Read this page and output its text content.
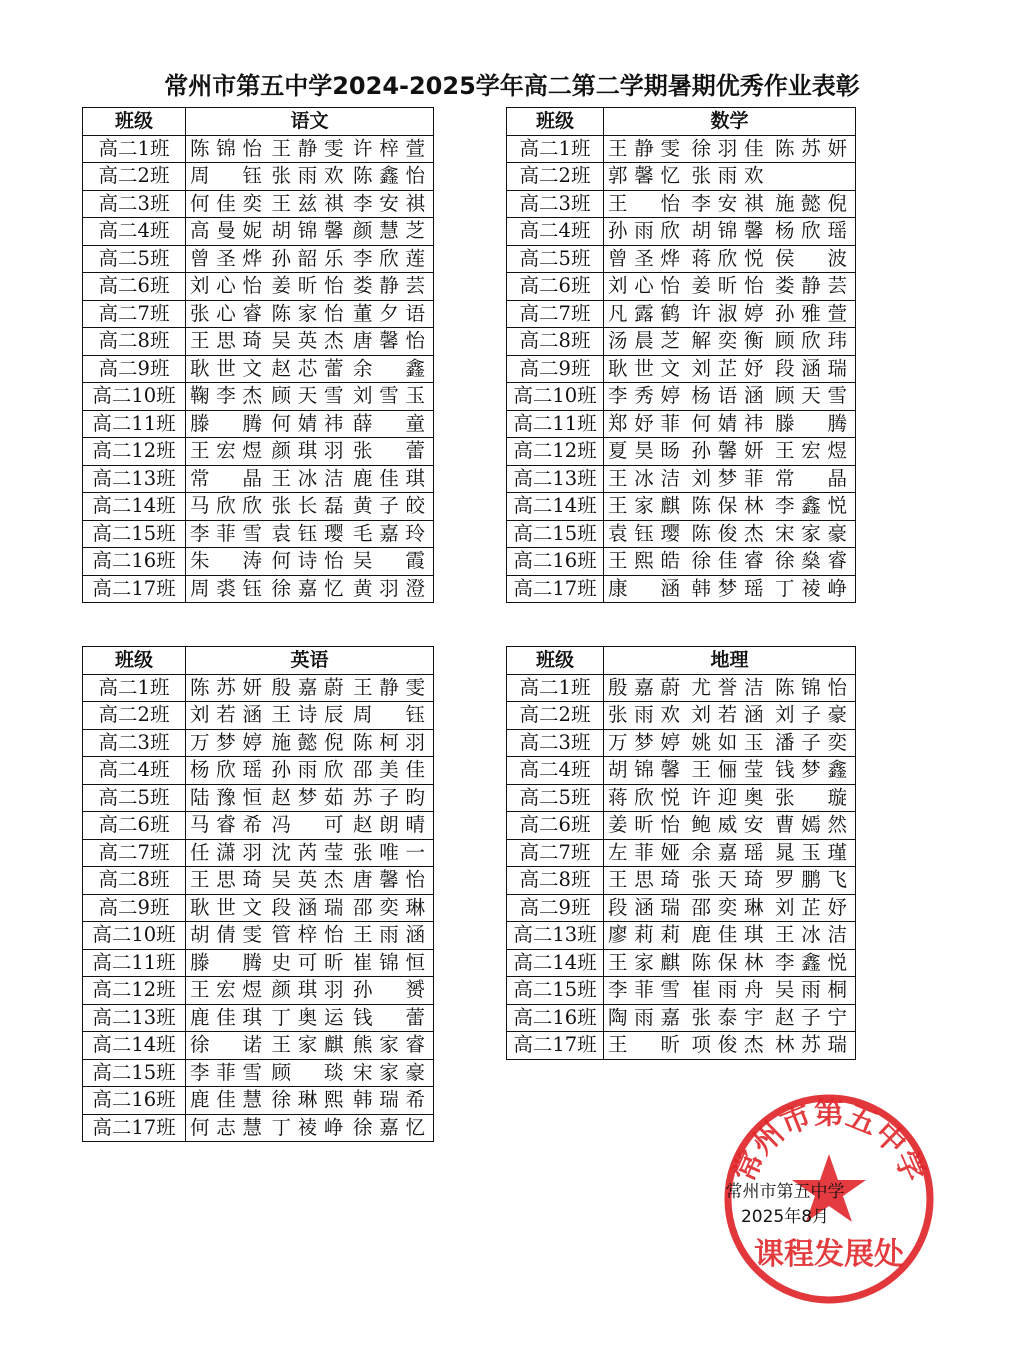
常州市第五中学2024-2025学年高二第二学期暑期优秀作业表彰
班级	语文
高二1班	陈锦怡 王静雯 许梓萱

高二2班	周钰 张雨欢 陈鑫怡

高二3班	何佳奕 王兹祺 李安祺

高二4班	高曼妮 胡锦馨 颜慧芝

高二5班	曾圣烨 孙韶乐 李欣莲

高二6班	刘心怡 姜昕怡 娄静芸

高二7班	张心睿 陈家怡 董夕语

高二8班	王思琦 吴英杰 唐馨怡

高二9班	耿世文 赵芯蕾 余鑫

高二10班	鞠李杰 顾天雪 刘雪玉

高二11班	滕腾 何婧祎 薛童

高二12班	王宏煜 颜琪羽 张蕾

高二13班	常晶 王冰洁 鹿佳琪

高二14班	马欣欣 张长磊 黄子皎

高二15班	李菲雪 袁钰璎 毛嘉玲

高二16班	朱涛 何诗怡 吴霞

高二17班	周裘钰 徐嘉忆 黄羽澄
班级	数学
高二1班	王静雯 徐羽佳 陈苏妍

高二2班	郭馨忆 张雨欢

高二3班	王怡 李安祺 施懿倪

高二4班	孙雨欣 胡锦馨 杨欣瑶

高二5班	曾圣烨 蒋欣悦 侯波

高二6班	刘心怡 姜昕怡 娄静芸

高二7班	凡露鹤 许淑婷 孙雅萱

高二8班	汤晨芝 解奕衡 顾欣玮

高二9班	耿世文 刘芷妤 段涵瑞

高二10班	李秀婷 杨语涵 顾天雪

高二11班	郑妤菲 何婧祎 滕腾

高二12班	夏昊旸 孙馨妍 王宏煜

高二13班	王冰洁 刘梦菲 常晶

高二14班	王家麒 陈保林 李鑫悦

高二15班	袁钰璎 陈俊杰 宋家豪

高二16班	王熙皓 徐佳睿 徐燊睿

高二17班	康涵 韩梦瑶 丁祾峥
班级	英语
高二1班	陈苏妍 殷嘉蔚 王静雯

高二2班	刘若涵 王诗辰 周钰

高二3班	万梦婷 施懿倪 陈柯羽

高二4班	杨欣瑶 孙雨欣 邵美佳

高二5班	陆豫恒 赵梦茹 苏子昀

高二6班	马睿希 冯可 赵朗晴

高二7班	任潇羽 沈芮莹 张唯一

高二8班	王思琦 吴英杰 唐馨怡

高二9班	耿世文 段涵瑞 邵奕琳

高二10班	胡倩雯 管梓怡 王雨涵

高二11班	滕腾 史可昕 崔锦恒

高二12班	王宏煜 颜琪羽 孙赟

高二13班	鹿佳琪 丁奥运 钱蕾

高二14班	徐诺 王家麒 熊家睿

高二15班	李菲雪 顾琰 宋家豪

高二16班	鹿佳慧 徐琳熙 韩瑞希

高二17班	何志慧 丁祾峥 徐嘉忆
班级	地理
高二1班	殷嘉蔚 尤誉洁 陈锦怡

高二2班	张雨欢 刘若涵 刘子豪

高二3班	万梦婷 姚如玉 潘子奕

高二4班	胡锦馨 王俪莹 钱梦鑫

高二5班	蒋欣悦 许迎奥 张璇

高二6班	姜昕怡 鲍威安 曹嫣然

高二7班	左菲娅 余嘉瑶 晁玉瑾

高二8班	王思琦 张天琦 罗鹏飞

高二9班	段涵瑞 邵奕琳 刘芷妤

高二13班	廖莉莉 鹿佳琪 王冰洁

高二14班	王家麒 陈保林 李鑫悦

高二15班	李菲雪 崔雨舟 吴雨桐

高二16班	陶雨嘉 张泰宇 赵子宁

高二17班	王昕 项俊杰 林苏瑞
常州市第五中学
课程发展处
常州市第五中学
2025年8月
